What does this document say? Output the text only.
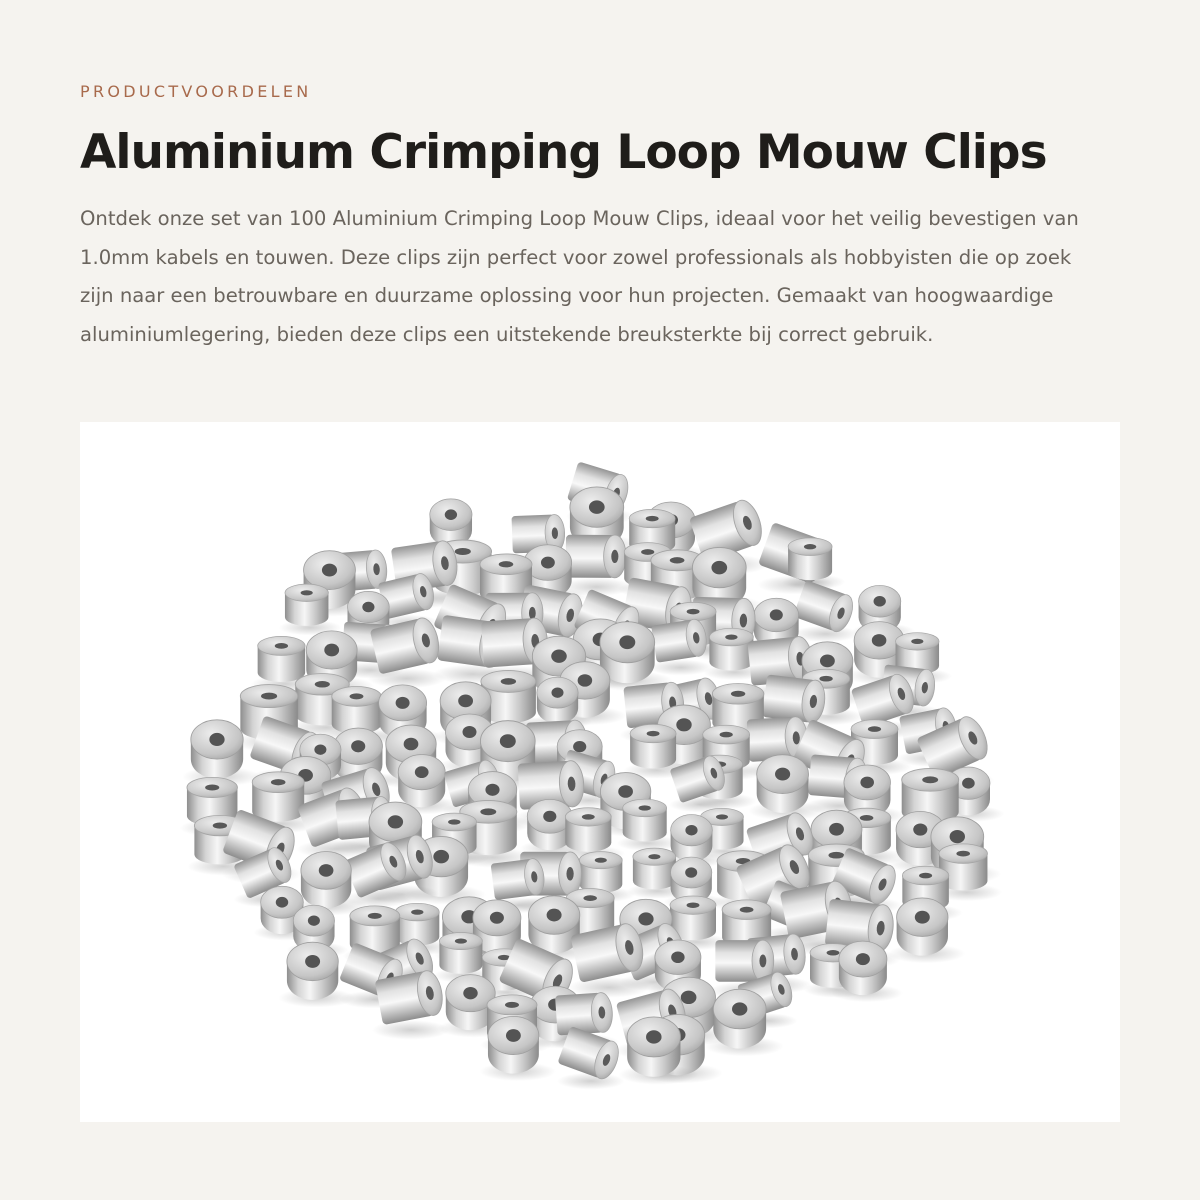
PRODUCTVOORDELEN

Aluminium Crimping Loop Mouw Clips

Ontdek onze set van 100 Aluminium Crimping Loop Mouw Clips, ideaal voor het veilig bevestigen van 1.0mm kabels en touwen. Deze clips zijn perfect voor zowel professionals als hobbyisten die op zoek zijn naar een betrouwbare en duurzame oplossing voor hun projecten. Gemaakt van hoogwaardige aluminiumlegering, bieden deze clips een uitstekende breuksterkte bij correct gebruik.
